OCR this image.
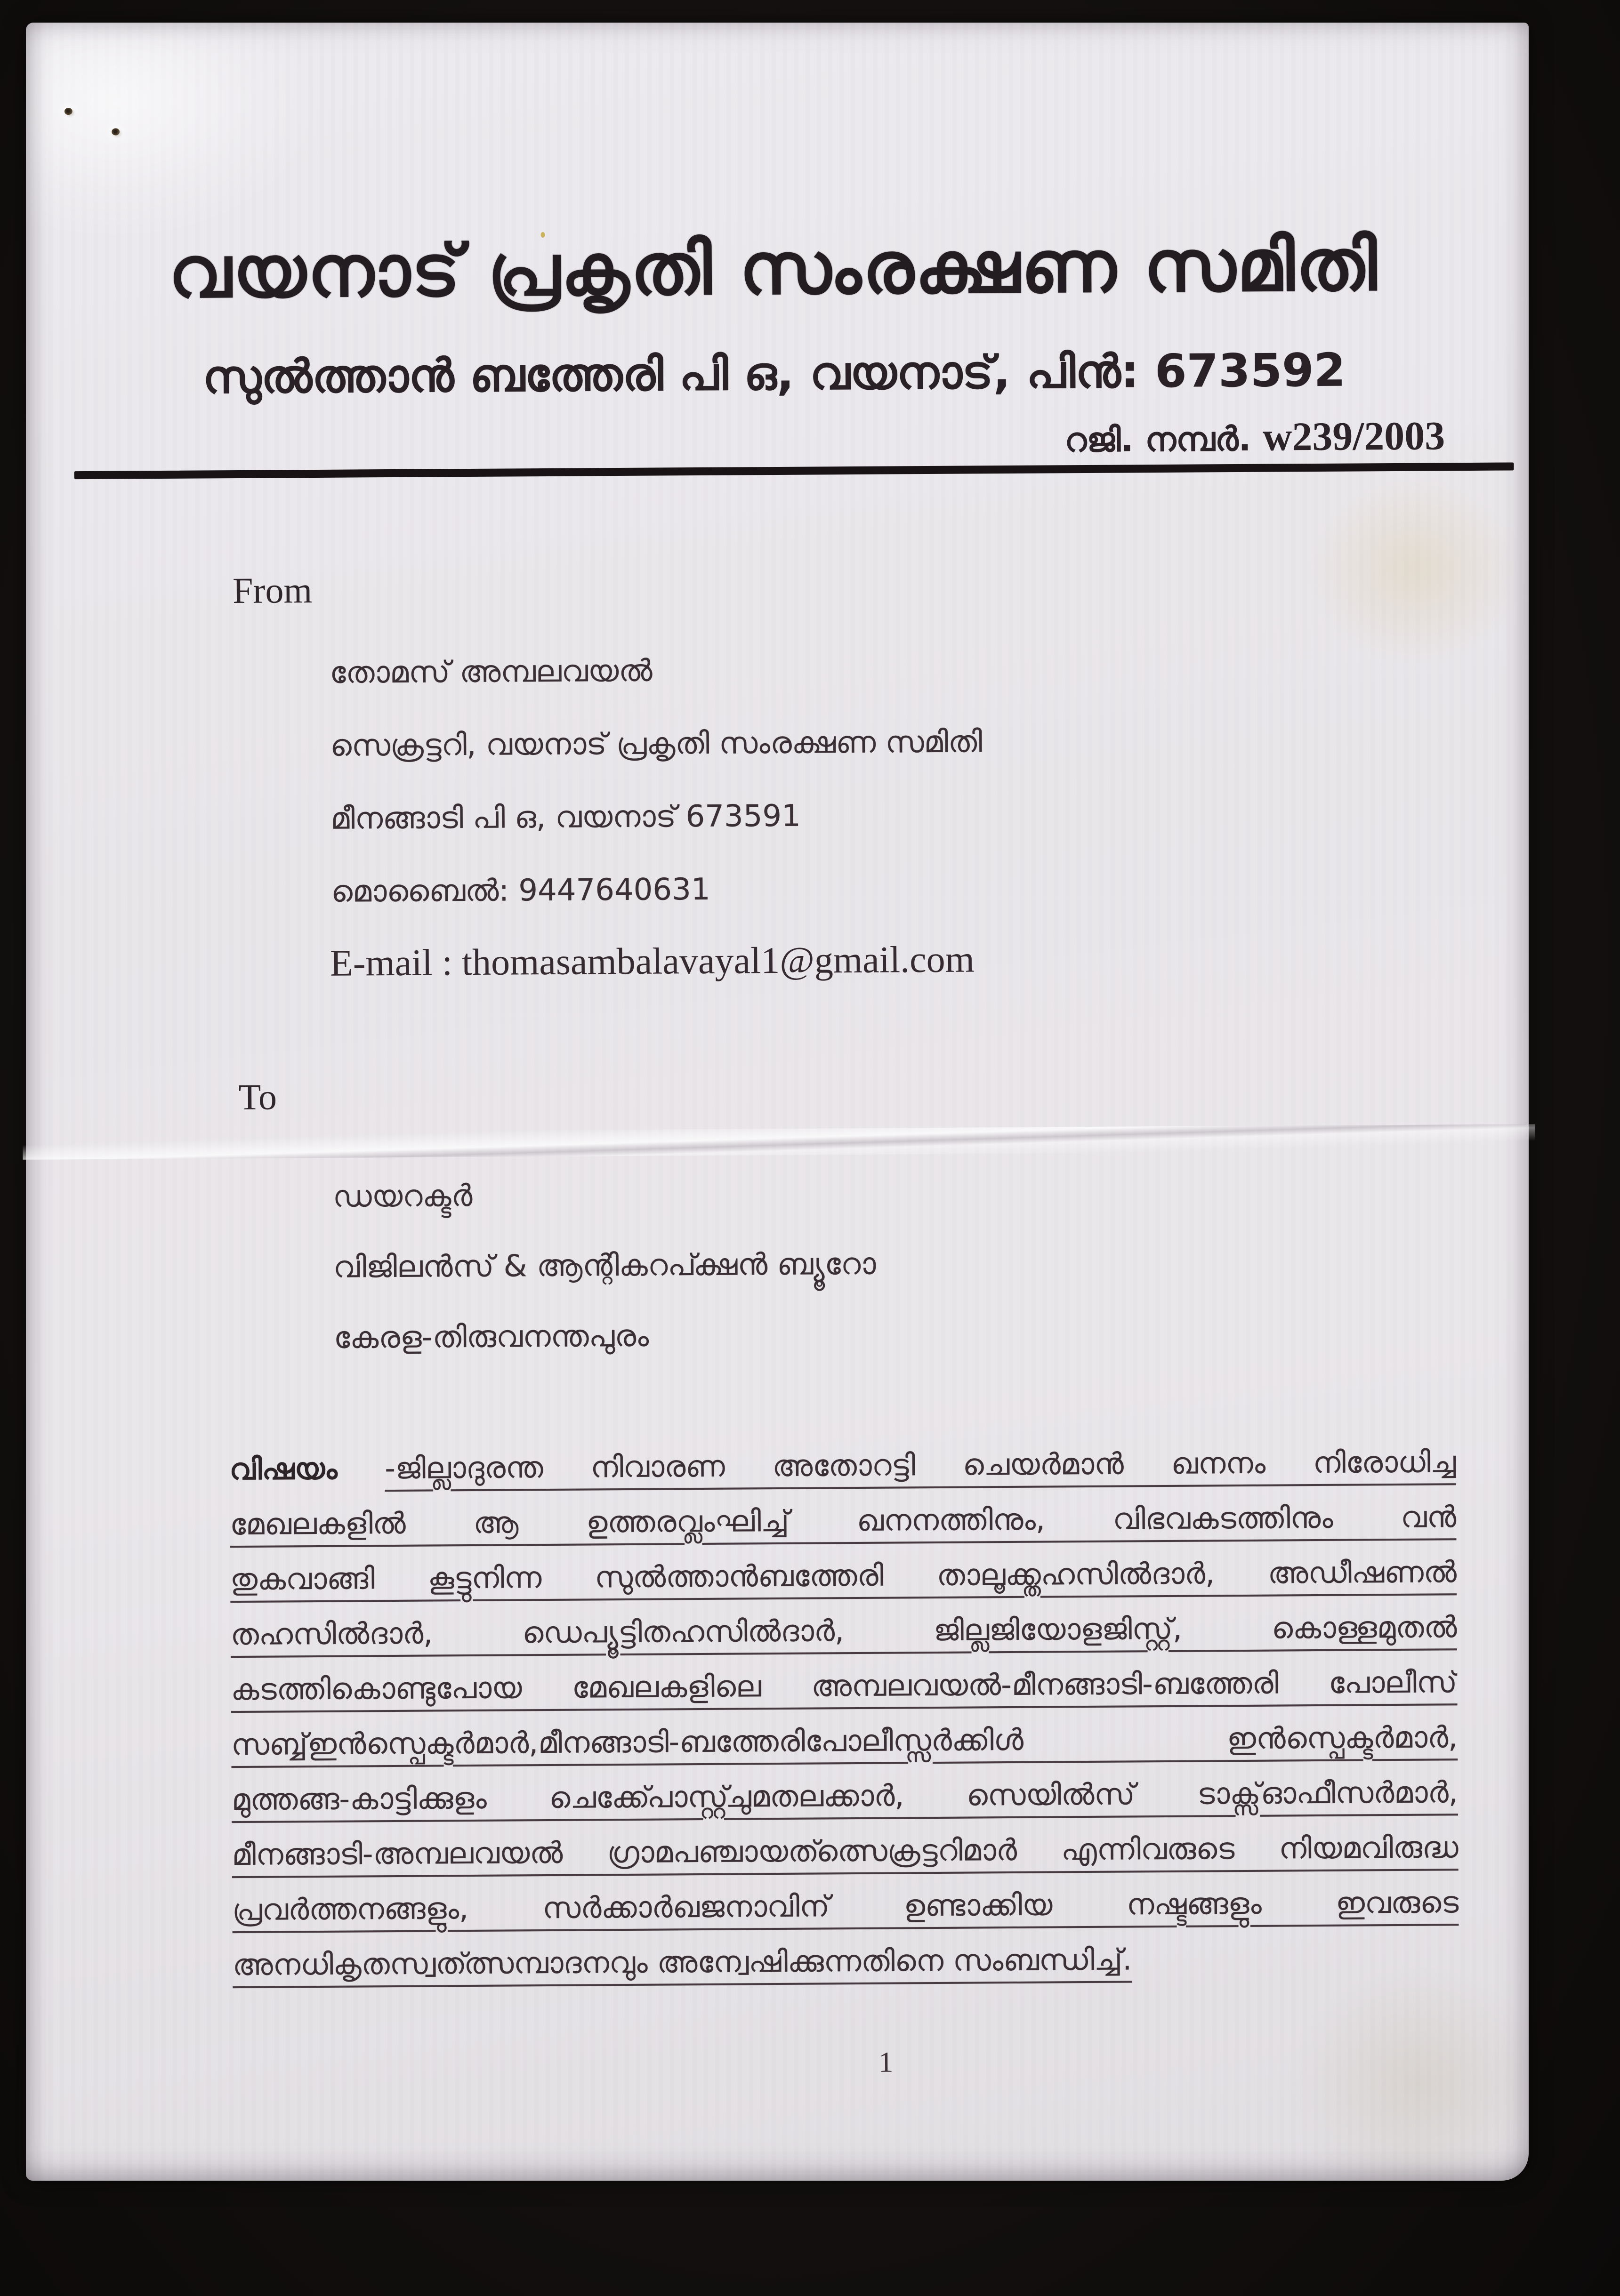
വയനാട് പ്രകൃതി സംരക്ഷണ സമിതി
സുൽത്താൻ ബത്തേരി പി ഒ, വയനാട്, പിൻ: 673592
റജി. നമ്പർ. w239/2003
From
തോമസ് അമ്പലവയൽ
സെക്രട്ടറി, വയനാട് പ്രകൃതി സംരക്ഷണ സമിതി
മീനങ്ങാടി പി ഒ, വയനാട് 673591
മൊബൈൽ: 9447640631
E-mail : thomasambalavayal1@gmail.com
To
ഡയറക്ടർ
വിജിലൻസ് & ആന്റികറപ്ക്ഷൻ ബ്യൂറോ
കേരള-തിരുവനന്തപുരം
വിഷയം -ജില്ലാദുരന്ത നിവാരണ അതോറട്ടി ചെയർമാൻ ഖനനം നിരോധിച്ച
മേഖലകളിൽ ആ ഉത്തരവ്ലംഘിച്ച് ഖനനത്തിനും, വിഭവകടത്തിനും വൻ
തുകവാങ്ങി കൂട്ടുനിന്ന സുൽത്താൻബത്തേരി താലൂക്ക്തഹസിൽദാർ, അഡീഷണൽ
തഹസിൽദാർ, ഡെപ്യൂട്ടിതഹസിൽദാർ, ജില്ലജിയോളജിസ്റ്റ്, കൊള്ളമുതൽ
കടത്തികൊണ്ടുപോയ മേഖലകളിലെ അമ്പലവയൽ-മീനങ്ങാടി-ബത്തേരി പോലീസ്
സബ്ബ്ഇൻസ്പെക്ടർമാർ,മീനങ്ങാടി-ബത്തേരിപോലീസ്സർക്കിൾ ഇൻസ്പെക്ടർമാർ,
മുത്തങ്ങ-കാട്ടിക്കുളം ചെക്ക്പോസ്റ്റ്ചുമതലക്കാർ, സെയിൽസ് ടാക്സ്ഓഫീസർമാർ,
മീനങ്ങാടി-അമ്പലവയൽ ഗ്രാമപഞ്ചായത്ത്സെക്രട്ടറിമാർ എന്നിവരുടെ നിയമവിരുദ്ധ
പ്രവർത്തനങ്ങളും, സർക്കാർഖജനാവിന് ഉണ്ടാക്കിയ നഷ്ടങ്ങളും ഇവരുടെ
അനധികൃതസ്വത്ത്സമ്പാദനവും അന്വേഷിക്കുന്നതിനെ സംബന്ധിച്ച്.
1
